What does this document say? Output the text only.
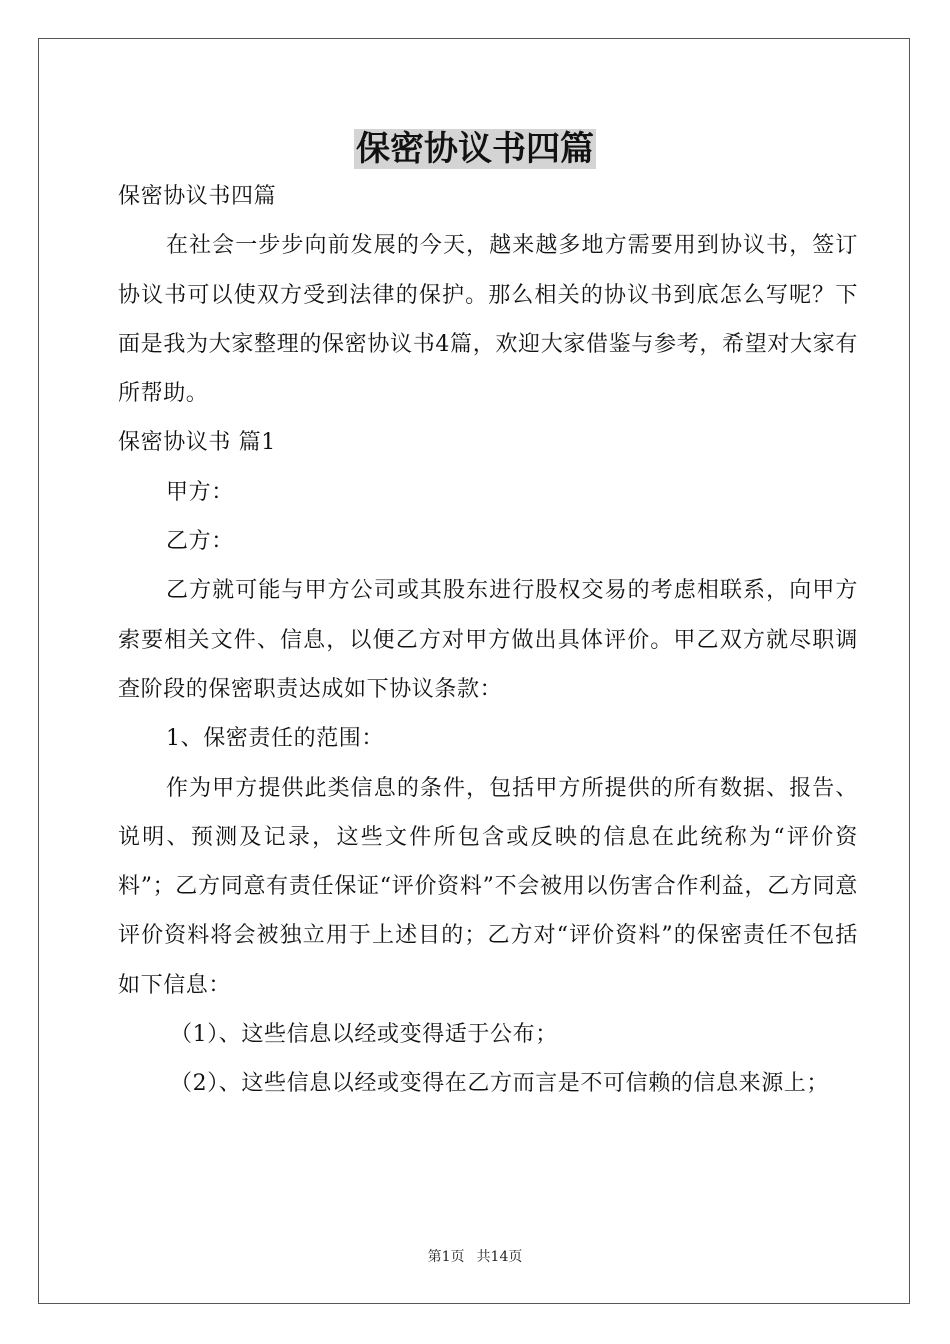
保密协议书四篇

保密协议书四篇

在社会一步步向前发展的今天，越来越多地方需要用到协议书，签订协议书可以使双方受到法律的保护。那么相关的协议书到底怎么写呢？下面是我为大家整理的保密协议书4篇，欢迎大家借鉴与参考，希望对大家有所帮助。

保密协议书 篇1

甲方：

乙方：

乙方就可能与甲方公司或其股东进行股权交易的考虑相联系，向甲方索要相关文件、信息，以便乙方对甲方做出具体评价。甲乙双方就尽职调查阶段的保密职责达成如下协议条款：

1、保密责任的范围：

作为甲方提供此类信息的条件，包括甲方所提供的所有数据、报告、说明、预测及记录，这些文件所包含或反映的信息在此统称为“评价资料”；乙方同意有责任保证“评价资料”不会被用以伤害合作利益，乙方同意评价资料将会被独立用于上述目的；乙方对“评价资料”的保密责任不包括如下信息：

（1）、这些信息以经或变得适于公布；

（2）、这些信息以经或变得在乙方而言是不可信赖的信息来源上；

第1页 共14页
